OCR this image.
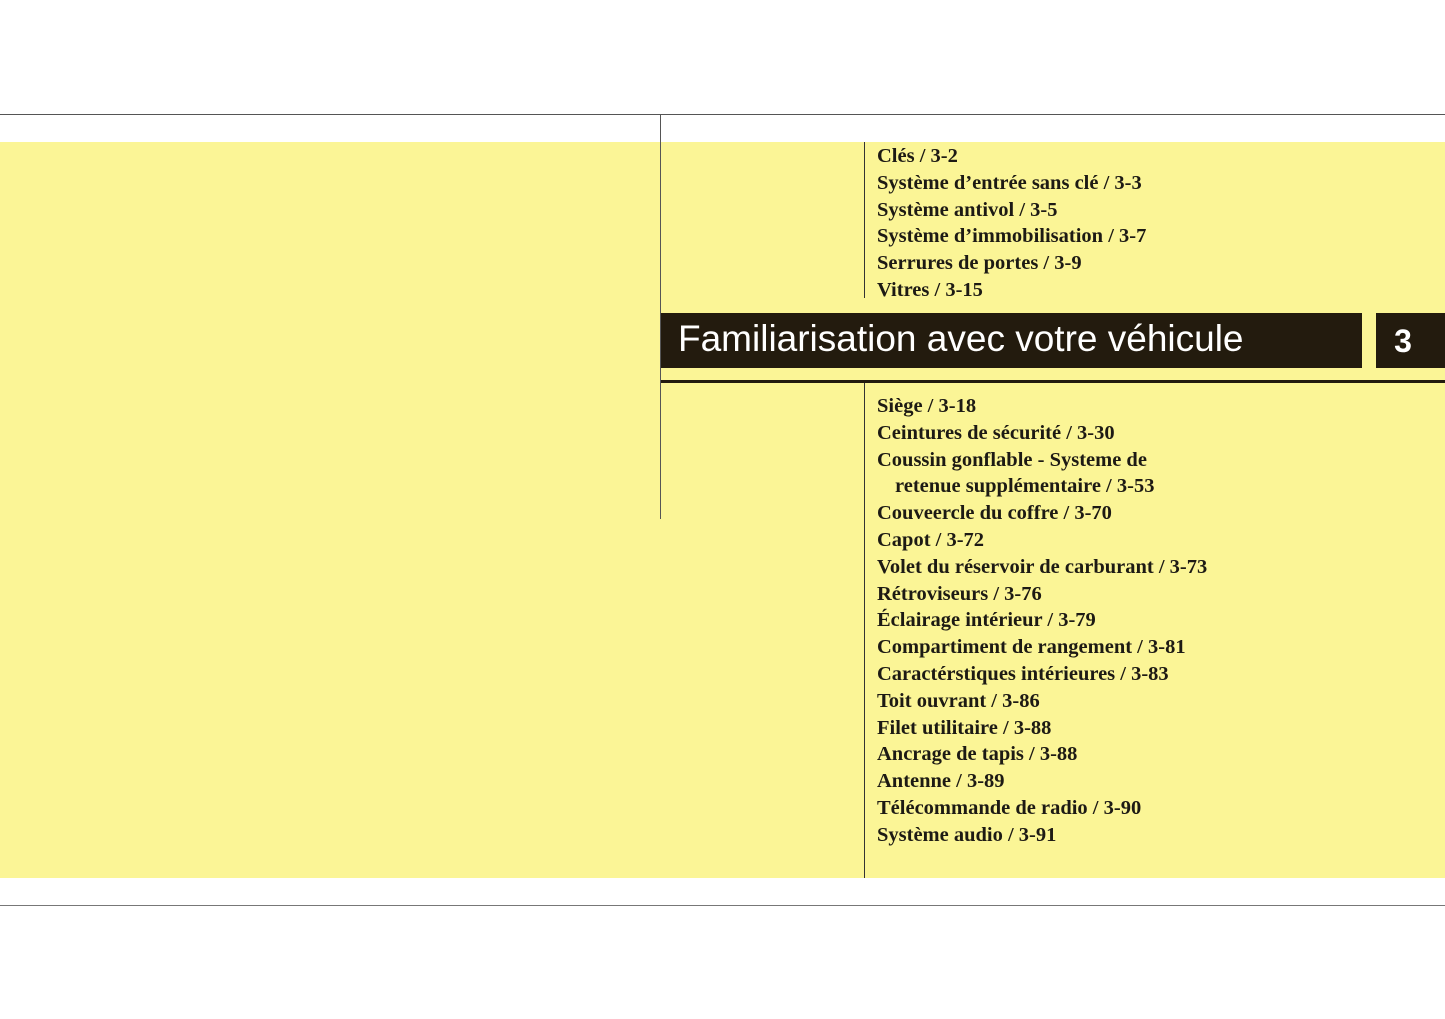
Clés / 3-2
Système d’entrée sans clé / 3-3
Système antivol / 3-5
Système d’immobilisation / 3-7
Serrures de portes / 3-9
Vitres / 3-15
Familiarisation avec votre véhicule	3
Siège / 3-18
Ceintures de sécurité / 3-30
Coussin gonflable - Systeme de
retenue supplémentaire / 3-53
Couveercle du coffre / 3-70
Capot / 3-72
Volet du réservoir de carburant / 3-73
Rétroviseurs / 3-76
Éclairage intérieur / 3-79
Compartiment de rangement / 3-81
Caractérstiques intérieures / 3-83
Toit ouvrant / 3-86
Filet utilitaire / 3-88
Ancrage de tapis / 3-88
Antenne / 3-89
Télécommande de radio / 3-90
Système audio / 3-91
